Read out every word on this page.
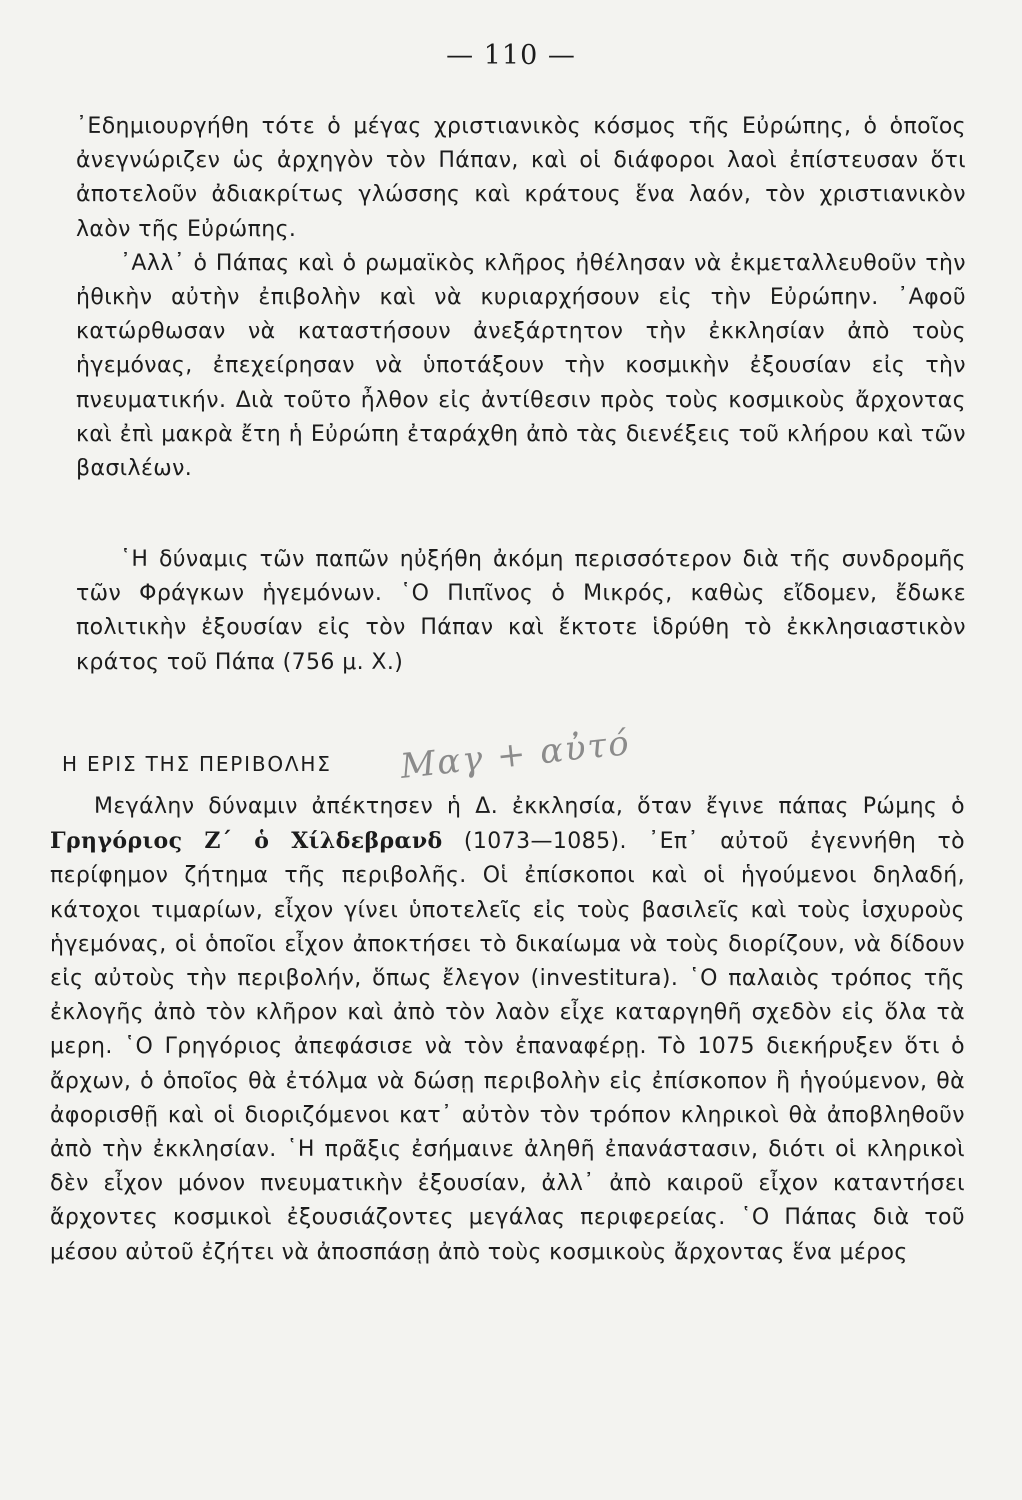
— 110 —

᾿Εδημιουργήθη τότε ὁ μέγας χριστιανικὸς κόσμος τῆς Εὐρώπης, ὁ ὁποῖος ἀνεγνώριζεν ὡς ἀρχηγὸν τὸν Πάπαν, καὶ οἱ διάφοροι λαοὶ ἐπίστευσαν ὅτι ἀποτελοῦν ἀδιακρίτως γλώσσης καὶ κράτους ἕνα λαόν, τὸν χριστιανικὸν λαὸν τῆς Εὐρώπης.

᾿Αλλ᾿ ὁ Πάπας καὶ ὁ ρωμαϊκὸς κλῆρος ἠθέλησαν νὰ ἐκμεταλλευθοῦν τὴν ἠθικὴν αὐτὴν ἐπιβολὴν καὶ νὰ κυριαρχήσουν εἰς τὴν Εὐρώπην. ᾿Αφοῦ κατώρθωσαν νὰ καταστήσουν ἀνεξάρτητον τὴν ἐκκλησίαν ἀπὸ τοὺς ἡγεμόνας, ἐπεχείρησαν νὰ ὑποτάξουν τὴν κοσμικὴν ἐξουσίαν εἰς τὴν πνευματικήν. Διὰ τοῦτο ἦλθον εἰς ἀντίθεσιν πρὸς τοὺς κοσμικοὺς ἄρχοντας καὶ ἐπὶ μακρὰ ἔτη ἡ Εὐρώπη ἐταράχθη ἀπὸ τὰς διενέξεις τοῦ κλήρου καὶ τῶν βασιλέων.

῾Η δύναμις τῶν παπῶν ηὐξήθη ἀκόμη περισσότερον διὰ τῆς συνδρομῆς τῶν Φράγκων ἡγεμόνων. ῾Ο Πιπῖνος ὁ Μικρός, καθὼς εἴδομεν, ἔδωκε πολιτικὴν ἐξουσίαν εἰς τὸν Πάπαν καὶ ἔκτοτε ἱδρύθη τὸ ἐκκλησιαστικὸν κράτος τοῦ Πάπα (756 μ. Χ.)

Η ΕΡΙΣ ΤΗΣ ΠΕΡΙΒΟΛΗΣ	Μαγ + αὐτό

Μεγάλην δύναμιν ἀπέκτησεν ἡ Δ. ἐκκλησία, ὅταν ἔγινε πάπας Ρώμης ὁ Γρηγόριος Ζ΄ ὁ Χίλδεβρανδ (1073—1085). ᾿Επ᾿ αὐτοῦ ἐγεννήθη τὸ περίφημον ζήτημα τῆς περιβολῆς. Οἱ ἐπίσκοποι καὶ οἱ ἡγούμενοι δηλαδή, κάτοχοι τιμαρίων, εἶχον γίνει ὑποτελεῖς εἰς τοὺς βασιλεῖς καὶ τοὺς ἰσχυροὺς ἡγεμόνας, οἱ ὁποῖοι εἶχον ἀποκτήσει τὸ δικαίωμα νὰ τοὺς διορίζουν, νὰ δίδουν εἰς αὐτοὺς τὴν περιβολήν, ὅπως ἔλεγον (investitura). ῾Ο παλαιὸς τρόπος τῆς ἐκλογῆς ἀπὸ τὸν κλῆρον καὶ ἀπὸ τὸν λαὸν εἶχε καταργηθῆ σχεδὸν εἰς ὅλα τὰ μερη. ῾Ο Γρηγόριος ἀπεφάσισε νὰ τὸν ἐπαναφέρῃ. Τὸ 1075 διεκήρυξεν ὅτι ὁ ἄρχων, ὁ ὁποῖος θὰ ἐτόλμα νὰ δώσῃ περιβολὴν εἰς ἐπίσκοπον ἢ ἡγούμενον, θὰ ἀφορισθῇ καὶ οἱ διοριζόμενοι κατ᾿ αὐτὸν τὸν τρόπον κληρικοὶ θὰ ἀποβληθοῦν ἀπὸ τὴν ἐκκλησίαν. ῾Η πρᾶξις ἐσήμαινε ἀληθῆ ἐπανάστασιν, διότι οἱ κληρικοὶ δὲν εἶχον μόνον πνευματικὴν ἐξουσίαν, ἀλλ᾿ ἀπὸ καιροῦ εἶχον καταντήσει ἄρχοντες κοσμικοὶ ἐξουσιάζοντες μεγάλας περιφερείας. ῾Ο Πάπας διὰ τοῦ μέσου αὐτοῦ ἐζήτει νὰ ἀποσπάσῃ ἀπὸ τοὺς κοσμικοὺς ἄρχοντας ἕνα μέρος
